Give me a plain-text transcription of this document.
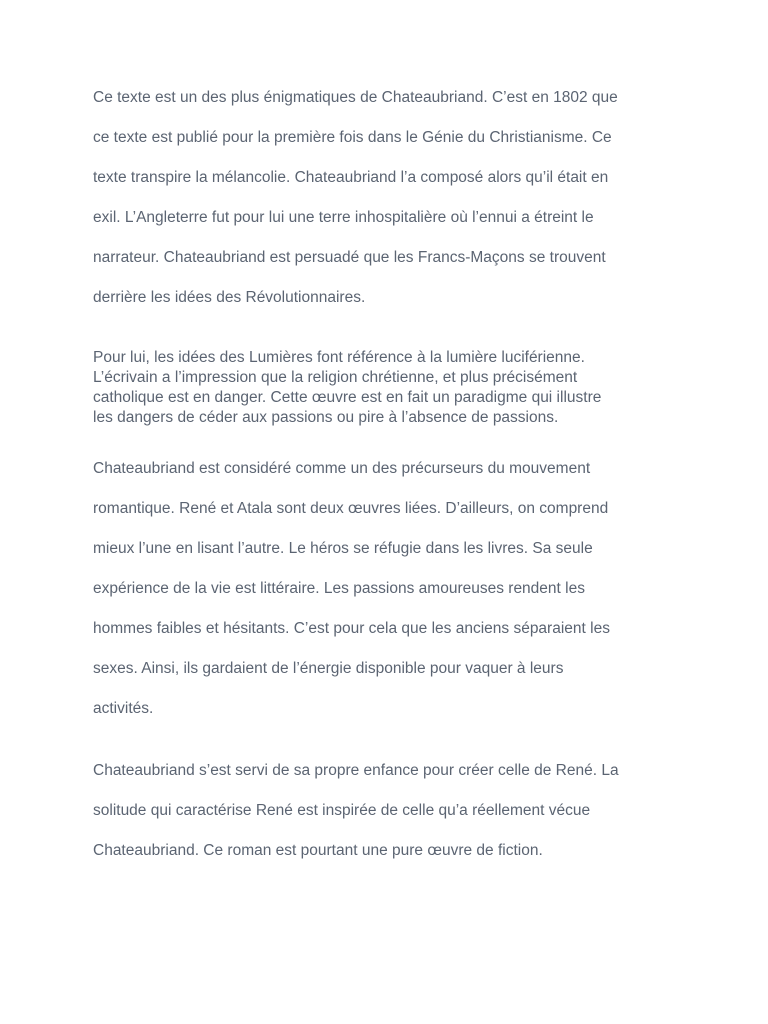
Ce texte est un des plus énigmatiques de Chateaubriand. C’est en 1802 que
ce texte est publié pour la première fois dans le Génie du Christianisme. Ce
texte transpire la mélancolie. Chateaubriand l’a composé alors qu’il était en
exil. L’Angleterre fut pour lui une terre inhospitalière où l’ennui a étreint le
narrateur. Chateaubriand est persuadé que les Francs-Maçons se trouvent
derrière les idées des Révolutionnaires.

Pour lui, les idées des Lumières font référence à la lumière luciférienne.
L’écrivain a l’impression que la religion chrétienne, et plus précisément
catholique est en danger. Cette œuvre est en fait un paradigme qui illustre
les dangers de céder aux passions ou pire à l’absence de passions.

Chateaubriand est considéré comme un des précurseurs du mouvement
romantique. René et Atala sont deux œuvres liées. D’ailleurs, on comprend
mieux l’une en lisant l’autre. Le héros se réfugie dans les livres. Sa seule
expérience de la vie est littéraire. Les passions amoureuses rendent les
hommes faibles et hésitants. C’est pour cela que les anciens séparaient les
sexes. Ainsi, ils gardaient de l’énergie disponible pour vaquer à leurs
activités.

Chateaubriand s’est servi de sa propre enfance pour créer celle de René. La
solitude qui caractérise René est inspirée de celle qu’a réellement vécue
Chateaubriand. Ce roman est pourtant une pure œuvre de fiction.
